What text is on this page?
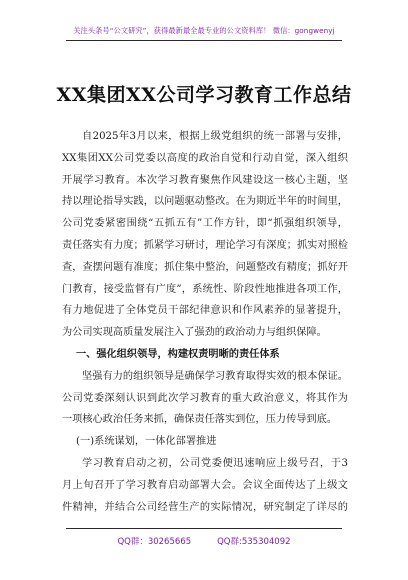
关注头条号“公文研究”，获得最新最全最专业的公文资料库！ 微信：gongwenyj
XX集团XX公司学习教育工作总结
自2025年3月以来，根据上级党组织的统一部署与安排，
XX集团XX公司党委以高度的政治自觉和行动自觉，深入组织
开展学习教育。本次学习教育聚焦作风建设这一核心主题，坚
持以理论指导实践，以问题驱动整改。在为期近半年的时间里，
公司党委紧密围绕“五抓五有”工作方针，即“抓强组织领导，
责任落实有力度；抓紧学习研讨，理论学习有深度；抓实对照检
查，查摆问题有准度；抓住集中整治，问题整改有精度；抓好开
门教育，接受监督有广度”，系统性、阶段性地推进各项工作，
有力地促进了全体党员干部纪律意识和作风素养的显著提升，
为公司实现高质量发展注入了强劲的政治动力与组织保障。
一、强化组织领导，构建权责明晰的责任体系
坚强有力的组织领导是确保学习教育取得实效的根本保证。
公司党委深刻认识到此次学习教育的重大政治意义，将其作为
一项核心政治任务来抓，确保责任落实到位，压力传导到底。
(一)系统谋划，一体化部署推进
学习教育启动之初，公司党委便迅速响应上级号召，于3
月上旬召开了学习教育启动部署大会。会议全面传达了上级文
件精神，并结合公司经营生产的实际情况，研究制定了详尽的
QQ群：30265665	QQ群:535304092
